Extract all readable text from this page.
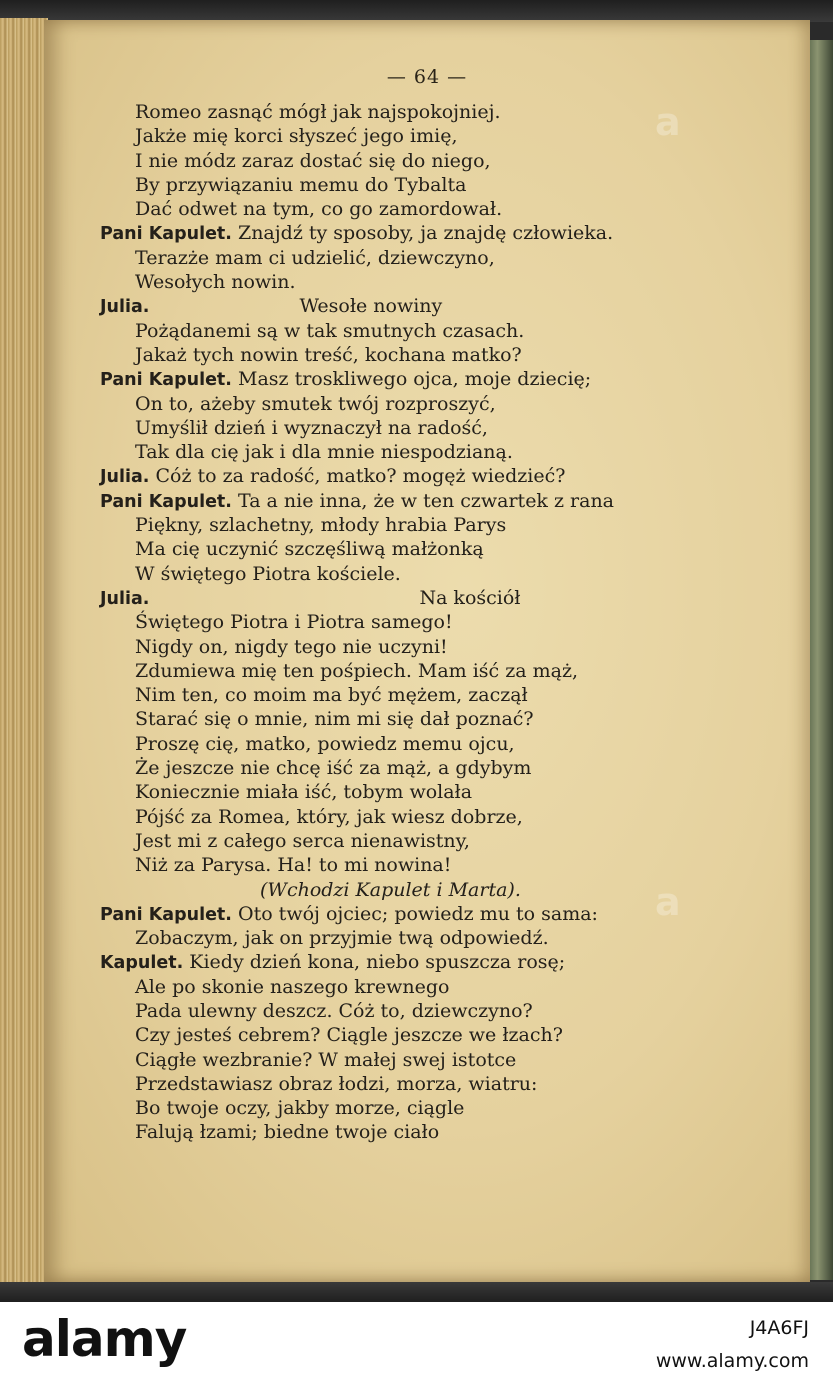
— 64 —
a
a
Romeo zasnąć mógł jak najspokojniej.
Jakże mię korci słyszeć jego imię,
I nie módz zaraz dostać się do niego,
By przywiązaniu memu do Tybalta
Dać odwet na tym, co go zamordował.
Pani Kapulet. Znajdź ty sposoby, ja znajdę człowieka.
Terazże mam ci udzielić, dziewczyno,
Wesołych nowin.
Julia.	Wesołe nowiny
Pożądanemi są w tak smutnych czasach.
Jakaż tych nowin treść, kochana matko?
Pani Kapulet. Masz troskliwego ojca, moje dziecię;
On to, ażeby smutek twój rozproszyć,
Umyślił dzień i wyznaczył na radość,
Tak dla cię jak i dla mnie niespodzianą.
Julia. Cóż to za radość, matko? mogęż wiedzieć?
Pani Kapulet. Ta a nie inna, że w ten czwartek z rana
Piękny, szlachetny, młody hrabia Parys
Ma cię uczynić szczęśliwą małżonką
W świętego Piotra kościele.
Julia.	Na kościół
Świętego Piotra i Piotra samego!
Nigdy on, nigdy tego nie uczyni!
Zdumiewa mię ten pośpiech. Mam iść za mąż,
Nim ten, co moim ma być mężem, zaczął
Starać się o mnie, nim mi się dał poznać?
Proszę cię, matko, powiedz memu ojcu,
Że jeszcze nie chcę iść za mąż, a gdybym
Koniecznie miała iść, tobym wolała
Pójść za Romea, który, jak wiesz dobrze,
Jest mi z całego serca nienawistny,
Niż za Parysa. Ha! to mi nowina!
(Wchodzi Kapulet i Marta).
Pani Kapulet. Oto twój ojciec; powiedz mu to sama:
Zobaczym, jak on przyjmie twą odpowiedź.
Kapulet. Kiedy dzień kona, niebo spuszcza rosę;
Ale po skonie naszego krewnego
Pada ulewny deszcz. Cóż to, dziewczyno?
Czy jesteś cebrem? Ciągle jeszcze we łzach?
Ciągłe wezbranie? W małej swej istotce
Przedstawiasz obraz łodzi, morza, wiatru:
Bo twoje oczy, jakby morze, ciągle
Falują łzami; biedne twoje ciało
alamy	J4A6FJ
www.alamy.com
